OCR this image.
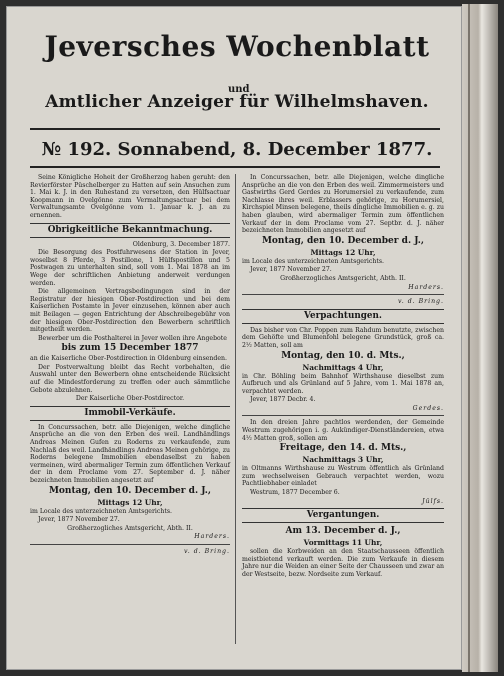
Jeversches Wochenblatt
und
Amtlicher Anzeiger für Wilhelmshaven.
№ 192. Sonnabend, 8. December 1877.

Seine Königliche Hoheit der Großherzog haben geruht: den Revierförster Püschelberger zu Hatten auf sein Ansuchen zum 1. Mai k. J. in den Ruhestand zu versetzen, den Hülfsactuar Koopmann in Ovelgönne zum Vermaltungsactuar bei dem Verwaltungsamte Ovelgönne vom 1. Januar k. J. an zu ernennen.

Obrigkeitliche Bekanntmachung.

Oldenburg, 3. December 1877.

Die Besorgung des Postfuhrwesens der Station in Jever, woselbst 8 Pferde, 3 Postillone, 1 Hülfspostillon und 5 Postwagen zu unterhalten sind, soll vom 1. Mai 1878 an im Wege der schriftlichen Anbietung anderweit verdungen werden.

Die allgemeinen Vertragsbedingungen sind in der Registratur der hiesigen Ober-Postdirection und bei dem Kaiserlichen Postamte in Jever einzusehen, können aber auch mit Beilagen — gegen Entrichtung der Abschreibegebühr von der hiesigen Ober-Postdirection den Bewerbern schriftlich mitgetheilt werden.

Bewerber um die Posthalterei in Jever wollen ihre Angebote

bis zum 15 December 1877

an die Kaiserliche Ober-Postdirection in Oldenburg einsenden.

Der Postverwaltung bleibt das Recht vorbehalten, die Auswahl unter den Bewerbern ohne entscheidende Rücksicht auf die Mindestforderung zu treffen oder auch sämmtliche Gebote abzulehnen.

Der Kaiserliche Ober-Postdirector.

Immobil-Verkäufe.

In Concurssachen, betr. alle Diejenigen, welche dingliche Ansprüche an die von den Erben des weil. Landhändlings Andreas Meinen Gufen zu Roderns zu verkaufende, zum Nachlaß des weil. Landhändlings Andreas Meinen gehörige, zu Roderns belegene Immobilien ebendaselbst zu haben vermeinen, wird abermaliger Termin zum öffentlichen Verkauf der in dem Proclame vom 27. September d. J. näher bezeichneten Immobilien angesetzt auf

Montag, den 10. December d. J.,
Mittags 12 Uhr,

im Locale des unterzeichneten Amtsgerichts.

Jever, 1877 November 27.

Großherzogliches Amtsgericht, Abth. II.

Harders.

v. d. Bring.

In Concurssachen, betr. alle Diejenigen, welche dingliche Ansprüche an die von den Erben des weil. Zimmermeisters und Gastwirths Gerd Gerdes zu Horumersiel zu verkaufende, zum Nachlasse ihres weil. Erblassers gehörige, zu Horumersiel, Kirchspiel Minsen belegene, theils dingliche Immobilien e. g. zu haben glauben, wird abermaliger Termin zum öffentlichen Verkauf der in dem Proclame vom 27. Septbr. d. J. näher bezeichneten Immobilien angesetzt auf

Montag, den 10. December d. J.,
Mittags 12 Uhr,

im Locale des unterzeichneten Amtsgerichts.

Jever, 1877 November 27.

Großherzogliches Amtsgericht, Abth. II.

Harders.

v. d. Bring.

Verpachtungen.

Das bisher von Chr. Poppen zum Rahdum benutzte, zwischen dem Gehöfte und Blumenfohl belegene Grundstück, groß ca. 2½ Matten, soll am

Montag, den 10. d. Mts.,
Nachmittags 4 Uhr,

in Chr. Böhling beim Bahnhof Wirthshause dieselbst zum Aufbruch und als Grünland auf 5 Jahre, vom 1. Mai 1878 an, verpachtet werden.

Jever, 1877 Decbr. 4.

Gerdes.

In den dreien Jahre pachtlos werdenden, der Gemeinde Westrum zugehörigen i. g. Aukündiger-Dienstländereien, etwa 4½ Matten groß, sollen am

Freitage, den 14. d. Mts.,
Nachmittags 3 Uhr,

in Oltmanns Wirthshause zu Westrum öffentlich als Grünland zum wechselweisen Gebrauch verpachtet werden, wozu Pachtliebhaber einladet

Westrum, 1877 December 6.

Jülfs.

Vergantungen.
Am 13. December d. J.,
Vormittags 11 Uhr,

sollen die Korbweiden an den Staatschausseen öffentlich meistbietend verkauft werden. Die zum Verkaufe in diesem Jahre nur die Weiden an einer Seite der Chausseen und zwar an der Westseite, bezw. Nordseite zum Verkauf.
